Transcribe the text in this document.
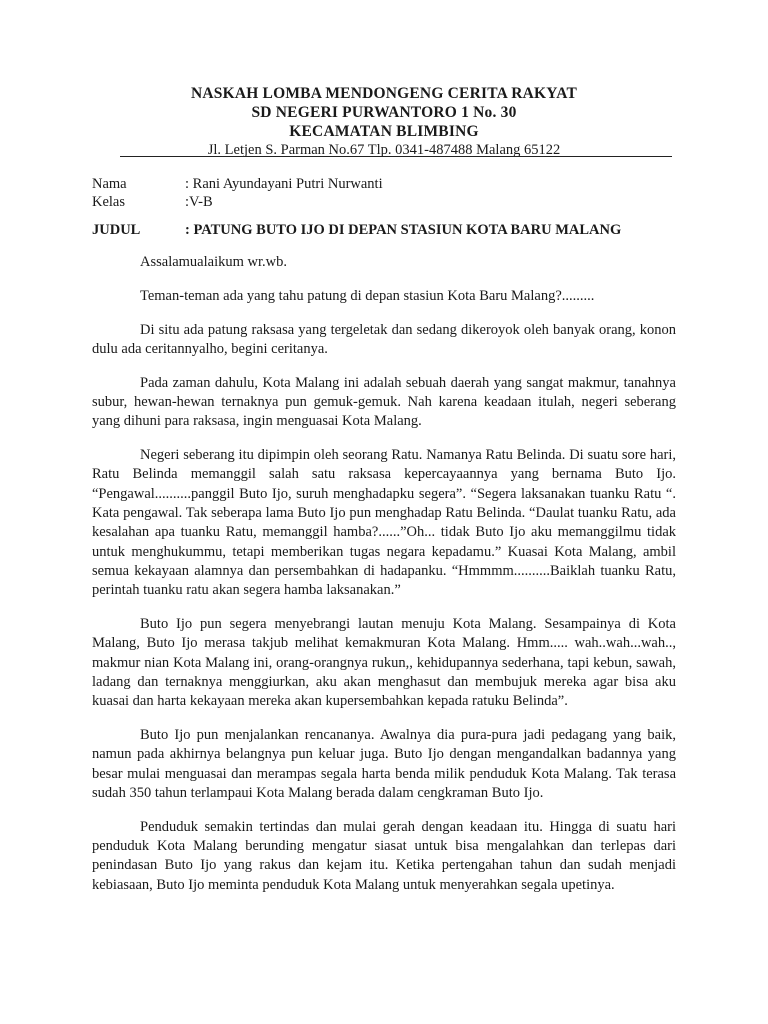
NASKAH LOMBA MENDONGENG CERITA RAKYAT
SD NEGERI PURWANTORO 1 No. 30
KECAMATAN BLIMBING
Jl. Letjen S. Parman No.67 Tlp. 0341-487488 Malang 65122
Nama	: Rani Ayundayani Putri Nurwanti
Kelas	:V-B
JUDUL	: PATUNG BUTO IJO DI DEPAN STASIUN KOTA BARU MALANG

Assalamualaikum wr.wb.

Teman-teman ada yang tahu patung di depan stasiun Kota Baru Malang?.........

Di situ ada patung raksasa yang tergeletak dan sedang dikeroyok oleh banyak orang, konon dulu ada ceritannyalho, begini ceritanya.

Pada zaman dahulu, Kota Malang ini adalah sebuah daerah yang sangat makmur, tanahnya subur, hewan-hewan ternaknya pun gemuk-gemuk. Nah karena keadaan itulah, negeri seberang yang dihuni para raksasa, ingin menguasai Kota Malang.

Negeri seberang itu dipimpin oleh seorang Ratu. Namanya Ratu Belinda. Di suatu sore hari, Ratu Belinda memanggil salah satu raksasa kepercayaannya yang bernama Buto Ijo. “Pengawal..........panggil Buto Ijo, suruh menghadapku segera”. “Segera laksanakan tuanku Ratu “. Kata pengawal. Tak seberapa lama Buto Ijo pun menghadap Ratu Belinda. “Daulat tuanku Ratu, ada kesalahan apa tuanku Ratu, memanggil hamba?......”Oh... tidak Buto Ijo aku memanggilmu tidak untuk menghukummu, tetapi memberikan tugas negara kepadamu.” Kuasai Kota Malang, ambil semua kekayaan alamnya dan persembahkan di hadapanku. “Hmmmm..........Baiklah tuanku Ratu, perintah tuanku ratu akan segera hamba laksanakan.”

Buto Ijo pun segera menyebrangi lautan menuju Kota Malang. Sesampainya di Kota Malang, Buto Ijo merasa takjub melihat kemakmuran Kota Malang. Hmm..... wah..wah...wah.., makmur nian Kota Malang ini, orang-orangnya rukun,, kehidupannya sederhana, tapi kebun, sawah, ladang dan ternaknya menggiurkan, aku akan menghasut dan membujuk mereka agar bisa aku kuasai dan harta kekayaan mereka akan kupersembahkan kepada ratuku Belinda”.

Buto Ijo pun menjalankan rencananya. Awalnya dia pura-pura jadi pedagang yang baik, namun pada akhirnya belangnya pun keluar juga. Buto Ijo dengan mengandalkan badannya yang besar mulai menguasai dan merampas segala harta benda milik penduduk Kota Malang. Tak terasa sudah 350 tahun terlampaui Kota Malang berada dalam cengkraman Buto Ijo.

Penduduk semakin tertindas dan mulai gerah dengan keadaan itu. Hingga di suatu hari penduduk Kota Malang berunding mengatur siasat untuk bisa mengalahkan dan terlepas dari penindasan Buto Ijo yang rakus dan kejam itu. Ketika pertengahan tahun dan sudah menjadi kebiasaan, Buto Ijo meminta penduduk Kota Malang untuk menyerahkan segala upetinya.
